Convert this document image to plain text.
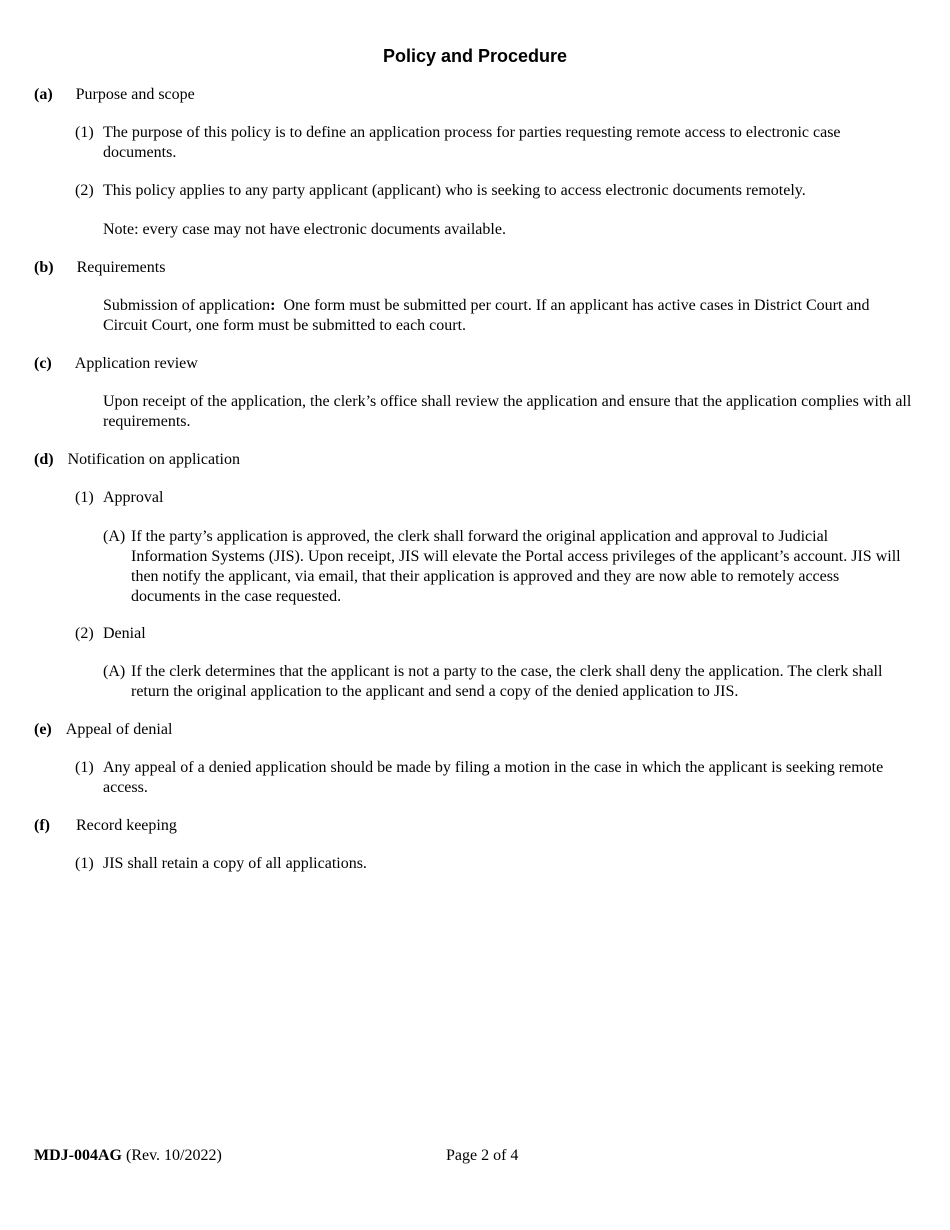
Policy and Procedure
(a) Purpose and scope
(1) The purpose of this policy is to define an application process for parties requesting remote access to electronic case documents.
(2) This policy applies to any party applicant (applicant) who is seeking to access electronic documents remotely.
Note: every case may not have electronic documents available.
(b) Requirements
Submission of application: One form must be submitted per court. If an applicant has active cases in District Court and Circuit Court, one form must be submitted to each court.
(c) Application review
Upon receipt of the application, the clerk’s office shall review the application and ensure that the application complies with all requirements.
(d) Notification on application
(1) Approval
(A) If the party’s application is approved, the clerk shall forward the original application and approval to Judicial Information Systems (JIS). Upon receipt, JIS will elevate the Portal access privileges of the applicant’s account. JIS will then notify the applicant, via email, that their application is approved and they are now able to remotely access documents in the case requested.
(2) Denial
(A) If the clerk determines that the applicant is not a party to the case, the clerk shall deny the application. The clerk shall return the original application to the applicant and send a copy of the denied application to JIS.
(e) Appeal of denial
(1) Any appeal of a denied application should be made by filing a motion in the case in which the applicant is seeking remote access.
(f) Record keeping
(1) JIS shall retain a copy of all applications.
MDJ-004AG (Rev. 10/2022)	Page 2 of 4
